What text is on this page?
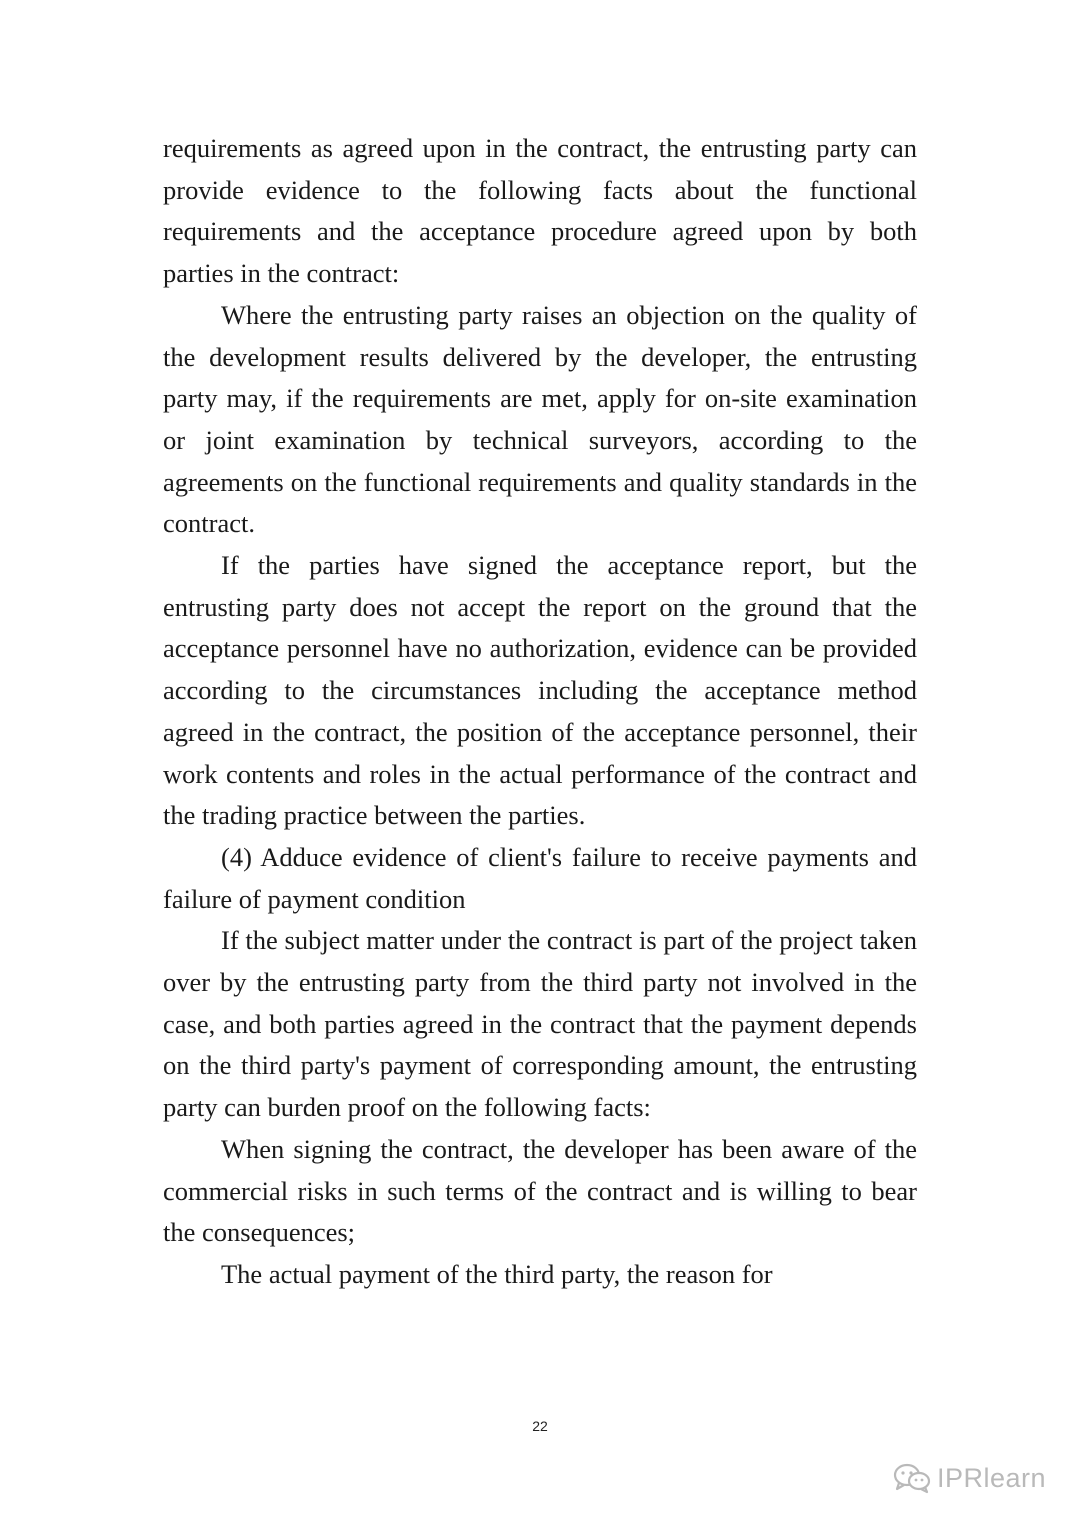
requirements as agreed upon in the contract, the entrusting party can provide evidence to the following facts about the functional requirements and the acceptance procedure agreed upon by both parties in the contract:

Where the entrusting party raises an objection on the quality of the development results delivered by the developer, the entrusting party may, if the requirements are met, apply for on-site examination or joint examination by technical surveyors, according to the agreements on the functional requirements and quality standards in the contract.

If the parties have signed the acceptance report, but the entrusting party does not accept the report on the ground that the acceptance personnel have no authorization, evidence can be provided according to the circumstances including the acceptance method agreed in the contract, the position of the acceptance personnel, their work contents and roles in the actual performance of the contract and the trading practice between the parties.

(4) Adduce evidence of client's failure to receive payments and failure of payment condition

If the subject matter under the contract is part of the project taken over by the entrusting party from the third party not involved in the case, and both parties agreed in the contract that the payment depends on the third party's payment of corresponding amount, the entrusting party can burden proof on the following facts:

When signing the contract, the developer has been aware of the commercial risks in such terms of the contract and is willing to bear the consequences;

The actual payment of the third party, the reason for

22
IPRlearn
